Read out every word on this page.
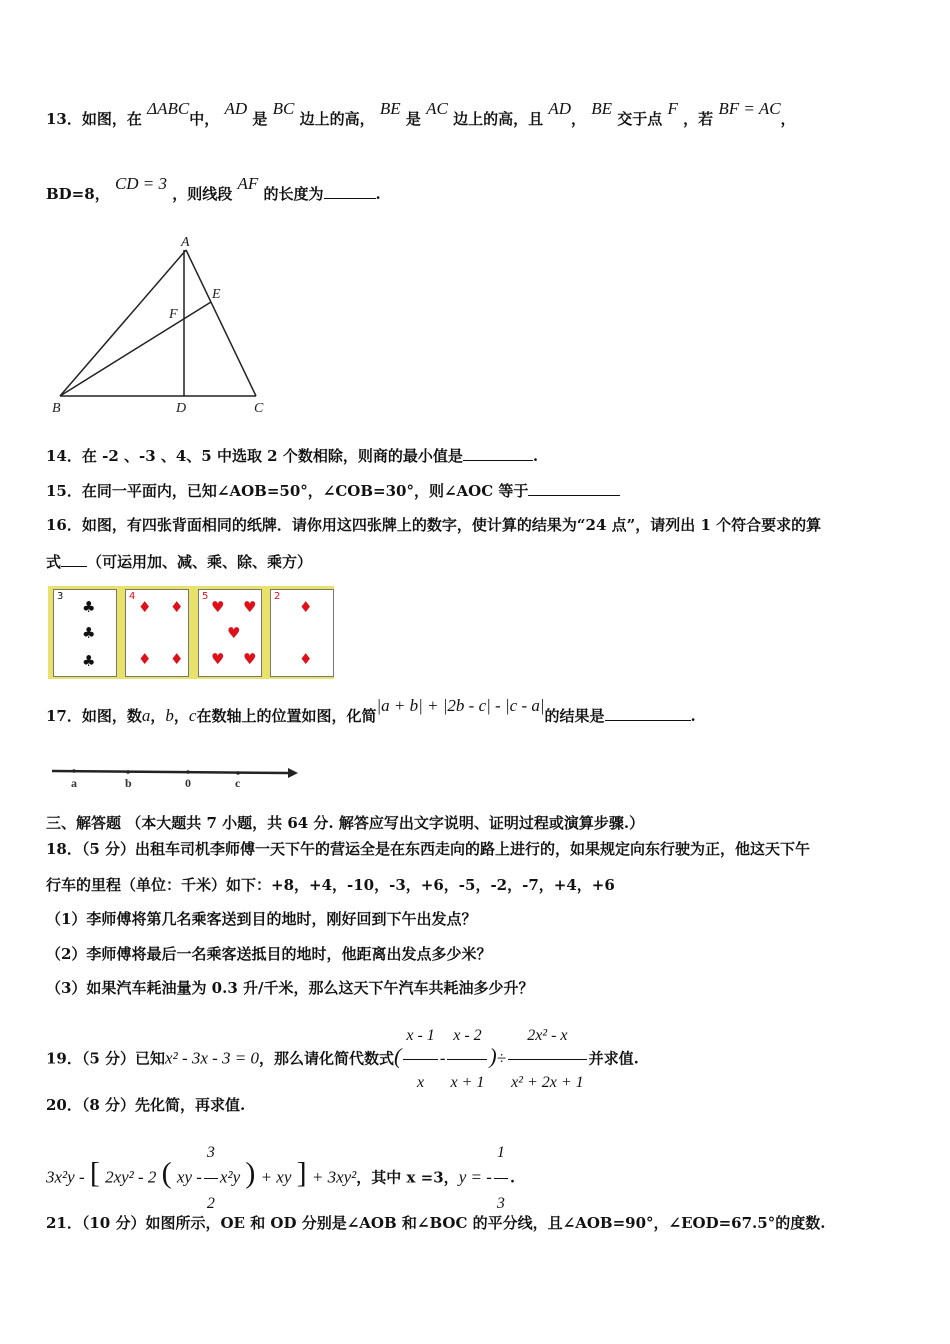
13．如图，在 ΔABC中， AD 是 BC 边上的高， BE 是 AC 边上的高，且 AD， BE 交于点 F ，若 BF = AC，
BD=8， CD = 3 ，则线段 AF 的长度为	.
A
B	C
D
E
F
14．在 -2 、-3 、4、5 中选取 2 个数相除，则商的最小值是	.
15．在同一平面内，已知∠AOB=50°，∠COB=30°，则∠AOC 等于
16．如图，有四张背面相同的纸牌．请你用这四张牌上的数字，使计算的结果为“24 点”，请列出 1 个符合要求的算
式 （可运用加、减、乘、除、乘方）
3
♣
♣
♣
4
♦ ♦
♦ ♦
5
♥ ♥
♥
♥ ♥
2
♦
♦
17．如图，数a，b，c在数轴上的位置如图，化简|a + b| + |2b - c| - |c - a|的结果是	.
a	b	0	c
三、解答题 （本大题共 7 小题，共 64 分. 解答应写出文字说明、证明过程或演算步骤.）
18．（5 分）出租车司机李师傅一天下午的营运全是在东西走向的路上进行的，如果规定向东行驶为正，他这天下午
行车的里程（单位：千米）如下：+8，+4，-10，-3，+6，-5，-2，-7，+4，+6
（1）李师傅将第几名乘客送到目的地时，刚好回到下午出发点？
（2）李师傅将最后一名乘客送抵目的地时，他距离出发点多少米？
（3）如果汽车耗油量为 0.3 升/千米，那么这天下午汽车共耗油多少升？
19．（5 分）已知x² - 3x - 3 = 0，那么请化简代数式( $\frac{x - 1}{x} - \frac{x - 2}{x + 1}$ )÷ $\frac{\text{2x² - x}}{\text{x² + 2x + 1}}$ 并求值.
20．（8 分）先化简，再求值.
3x²y - [ 2xy² - 2 ( xy - $\frac{3}{2} x^2y$ ) + xy ] + 3xy²，其中 x =3，y = - $\frac{1}{3}$ .
21．（10 分）如图所示，OE 和 OD 分别是∠AOB 和∠BOC 的平分线，且∠AOB=90°，∠EOD=67.5°的度数.
